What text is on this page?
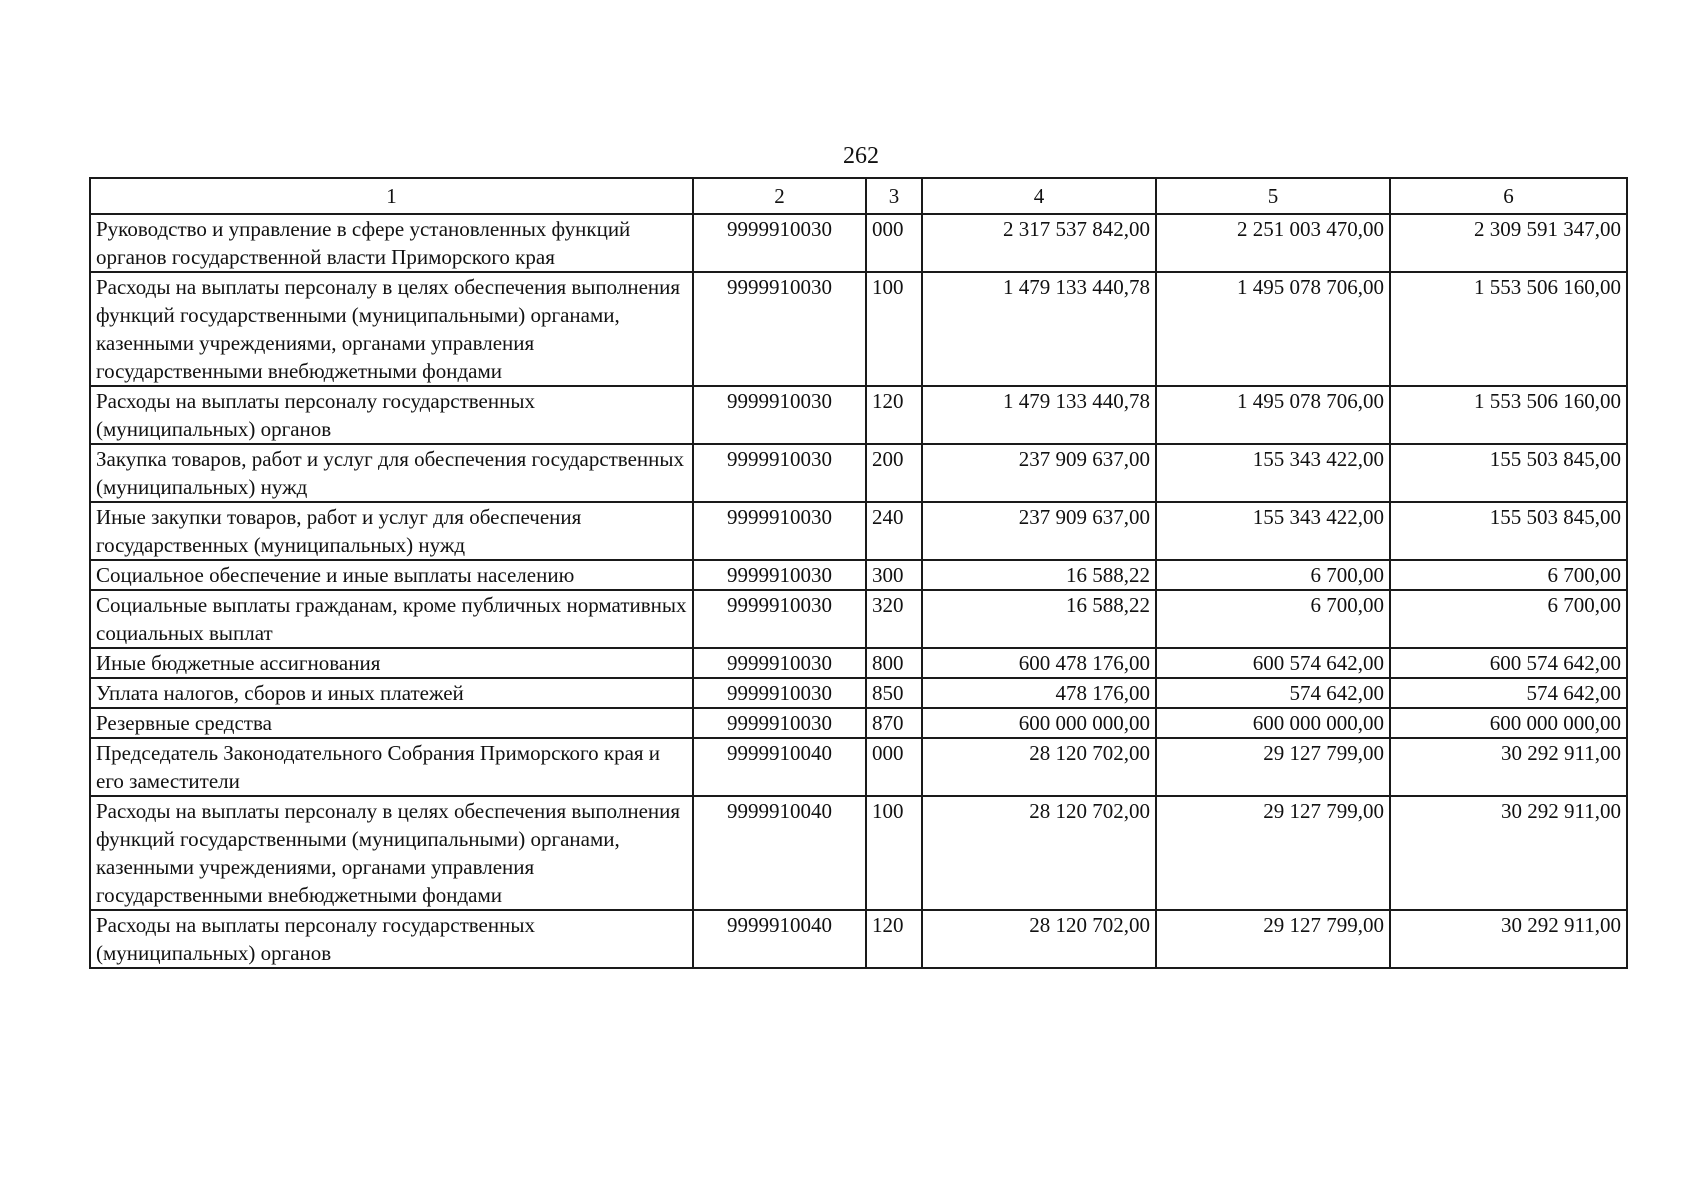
262
1	2	3	4	5	6
Руководство и управление в сфере установленных функций органов государственной власти Приморского края	9999910030	000	2 317 537 842,00	2 251 003 470,00	2 309 591 347,00
Расходы на выплаты персоналу в целях обеспечения выполнения функций государственными (муниципальными) органами, казенными учреждениями, органами управления государственными внебюджетными фондами	9999910030	100	1 479 133 440,78	1 495 078 706,00	1 553 506 160,00
Расходы на выплаты персоналу государственных (муниципальных) органов	9999910030	120	1 479 133 440,78	1 495 078 706,00	1 553 506 160,00
Закупка товаров, работ и услуг для обеспечения государственных (муниципальных) нужд	9999910030	200	237 909 637,00	155 343 422,00	155 503 845,00
Иные закупки товаров, работ и услуг для обеспечения государственных (муниципальных) нужд	9999910030	240	237 909 637,00	155 343 422,00	155 503 845,00
Социальное обеспечение и иные выплаты населению	9999910030	300	16 588,22	6 700,00	6 700,00
Социальные выплаты гражданам, кроме публичных нормативных социальных выплат	9999910030	320	16 588,22	6 700,00	6 700,00
Иные бюджетные ассигнования	9999910030	800	600 478 176,00	600 574 642,00	600 574 642,00
Уплата налогов, сборов и иных платежей	9999910030	850	478 176,00	574 642,00	574 642,00
Резервные средства	9999910030	870	600 000 000,00	600 000 000,00	600 000 000,00
Председатель Законодательного Собрания Приморского края и его заместители	9999910040	000	28 120 702,00	29 127 799,00	30 292 911,00
Расходы на выплаты персоналу в целях обеспечения выполнения функций государственными (муниципальными) органами, казенными учреждениями, органами управления государственными внебюджетными фондами	9999910040	100	28 120 702,00	29 127 799,00	30 292 911,00
Расходы на выплаты персоналу государственных (муниципальных) органов	9999910040	120	28 120 702,00	29 127 799,00	30 292 911,00
